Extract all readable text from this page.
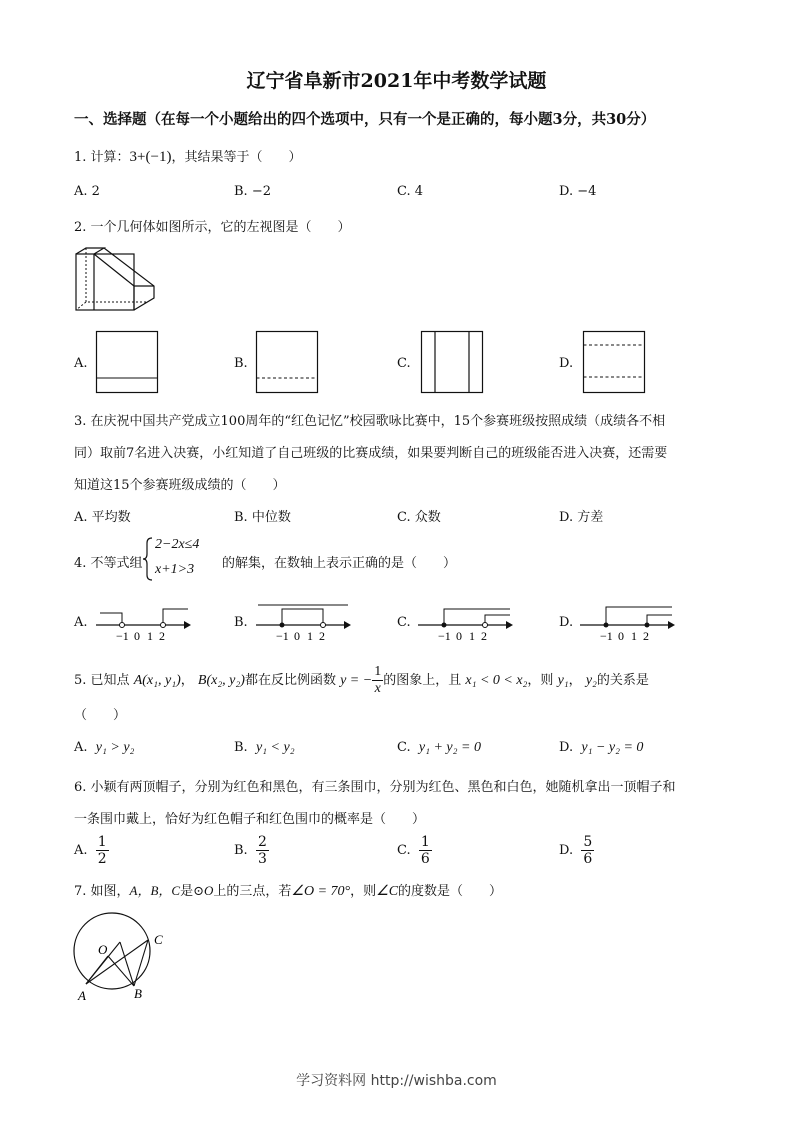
辽宁省阜新市2021年中考数学试题
一、选择题（在每一个小题给出的四个选项中，只有一个是正确的，每小题3分，共30分）
1. 计算：3+(−1)，其结果等于（　　）
A. 2	B. −2	C. 4	D. −4
2. 一个几何体如图所示，它的左视图是（　　）
A.	B.	C.	D.
3. 在庆祝中国共产党成立100周年的“红色记忆”校园歌咏比赛中，15个参赛班级按照成绩（成绩各不相
同）取前7名进入决赛，小红知道了自己班级的比赛成绩，如果要判断自己的班级能否进入决赛，还需要
知道这15个参赛班级成绩的（　　）
A. 平均数	B. 中位数	C. 众数	D. 方差
4. 不等式组
2−2x≤4
x+1>3 的解集，在数轴上表示正确的是（　　）
A.
−1 0 1 2
B.
−1 0 1 2
C.
−1 0 1 2
D.
−1 0 1 2
5. 已知点 A(x₁, y₁)， B(x₂, y₂)都在反比例函数 y = − $\frac{1}{x}$ 的图象上，且 x₁ < 0 < x₂，则 y₁， y₂的关系是
（　　）
A. y₁ > y₂	B. y₁ < y₂	C. y₁ + y₂ = 0	D. y₁ − y₂ = 0
6. 小颖有两顶帽子，分别为红色和黑色，有三条围巾，分别为红色、黑色和白色，她随机拿出一顶帽子和
一条围巾戴上，恰好为红色帽子和红色围巾的概率是（　　）
A. $\frac{1}{2}$	B. $\frac{2}{3}$	C. $\frac{1}{6}$	D. $\frac{5}{6}$
7. 如图，A，B，C是⊙O上的三点，若∠O = 70°，则∠C的度数是（　　）
O
C
A	B
学习资料网 http://wishba.com
